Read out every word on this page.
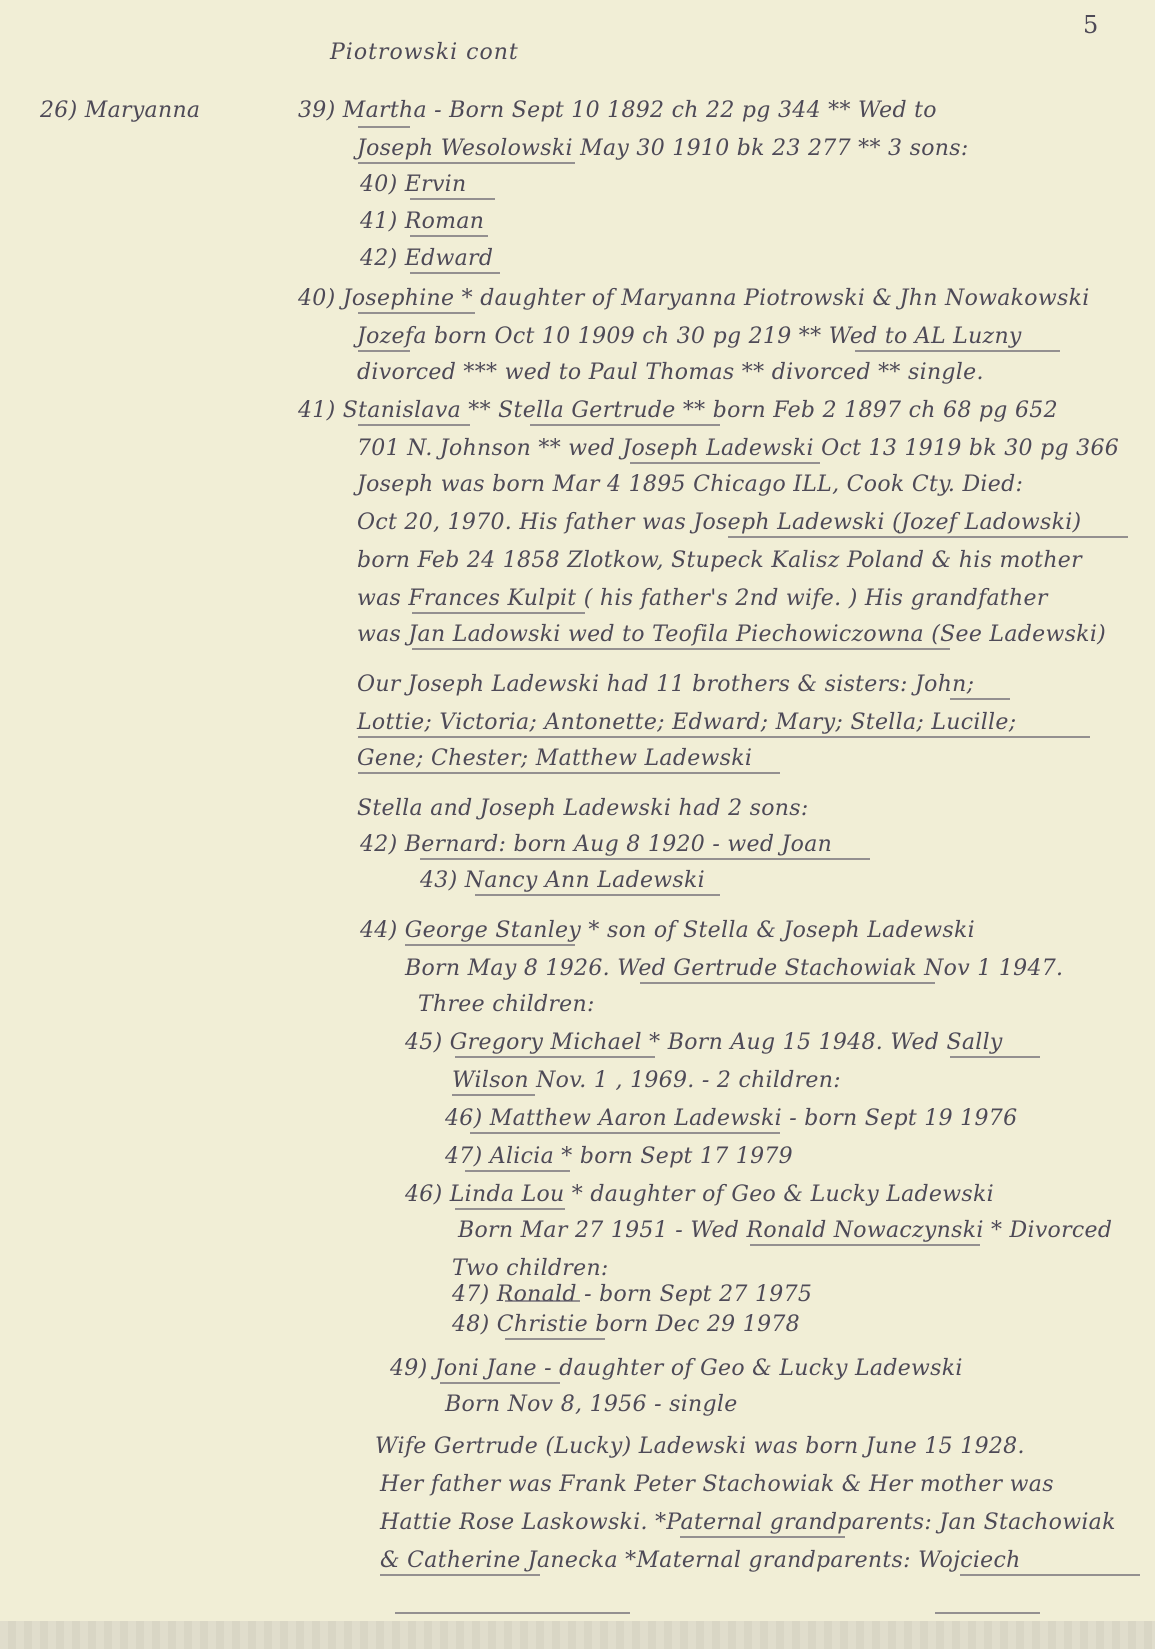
5
Piotrowski cont
26) Maryanna	39) Martha - Born Sept 10 1892 ch 22 pg 344 ** Wed to
Joseph Wesolowski May 30 1910 bk 23 277 ** 3 sons:
40) Ervin
41) Roman
42) Edward
40) Josephine * daughter of Maryanna Piotrowski & Jhn Nowakowski
Jozefa born Oct 10 1909 ch 30 pg 219 ** Wed to AL Luzny
divorced *** wed to Paul Thomas ** divorced ** single.
41) Stanislava ** Stella Gertrude ** born Feb 2 1897 ch 68 pg 652
701 N. Johnson ** wed Joseph Ladewski Oct 13 1919 bk 30 pg 366
Joseph was born Mar 4 1895 Chicago ILL, Cook Cty. Died:
Oct 20, 1970. His father was Joseph Ladewski (Jozef Ladowski)
born Feb 24 1858 Zlotkow, Stupeck Kalisz Poland & his mother
was Frances Kulpit ( his father's 2nd wife. ) His grandfather
was Jan Ladowski wed to Teofila Piechowiczowna (See Ladewski)
Our Joseph Ladewski had 11 brothers & sisters: John;
Lottie; Victoria; Antonette; Edward; Mary; Stella; Lucille;
Gene; Chester; Matthew Ladewski
Stella and Joseph Ladewski had 2 sons:
42) Bernard: born Aug 8 1920 - wed Joan
43) Nancy Ann Ladewski
44) George Stanley * son of Stella & Joseph Ladewski
Born May 8 1926. Wed Gertrude Stachowiak Nov 1 1947.
Three children:
45) Gregory Michael * Born Aug 15 1948. Wed Sally
Wilson Nov. 1 , 1969. - 2 children:
46) Matthew Aaron Ladewski - born Sept 19 1976
47) Alicia * born Sept 17 1979
46) Linda Lou * daughter of Geo & Lucky Ladewski
Born Mar 27 1951 - Wed Ronald Nowaczynski * Divorced
Two children:
47) Ronald - born Sept 27 1975
48) Christie born Dec 29 1978
49) Joni Jane - daughter of Geo & Lucky Ladewski
Born Nov 8, 1956 - single
Wife Gertrude (Lucky) Ladewski was born June 15 1928.
Her father was Frank Peter Stachowiak & Her mother was
Hattie Rose Laskowski. *Paternal grandparents: Jan Stachowiak
& Catherine Janecka *Maternal grandparents: Wojciech
